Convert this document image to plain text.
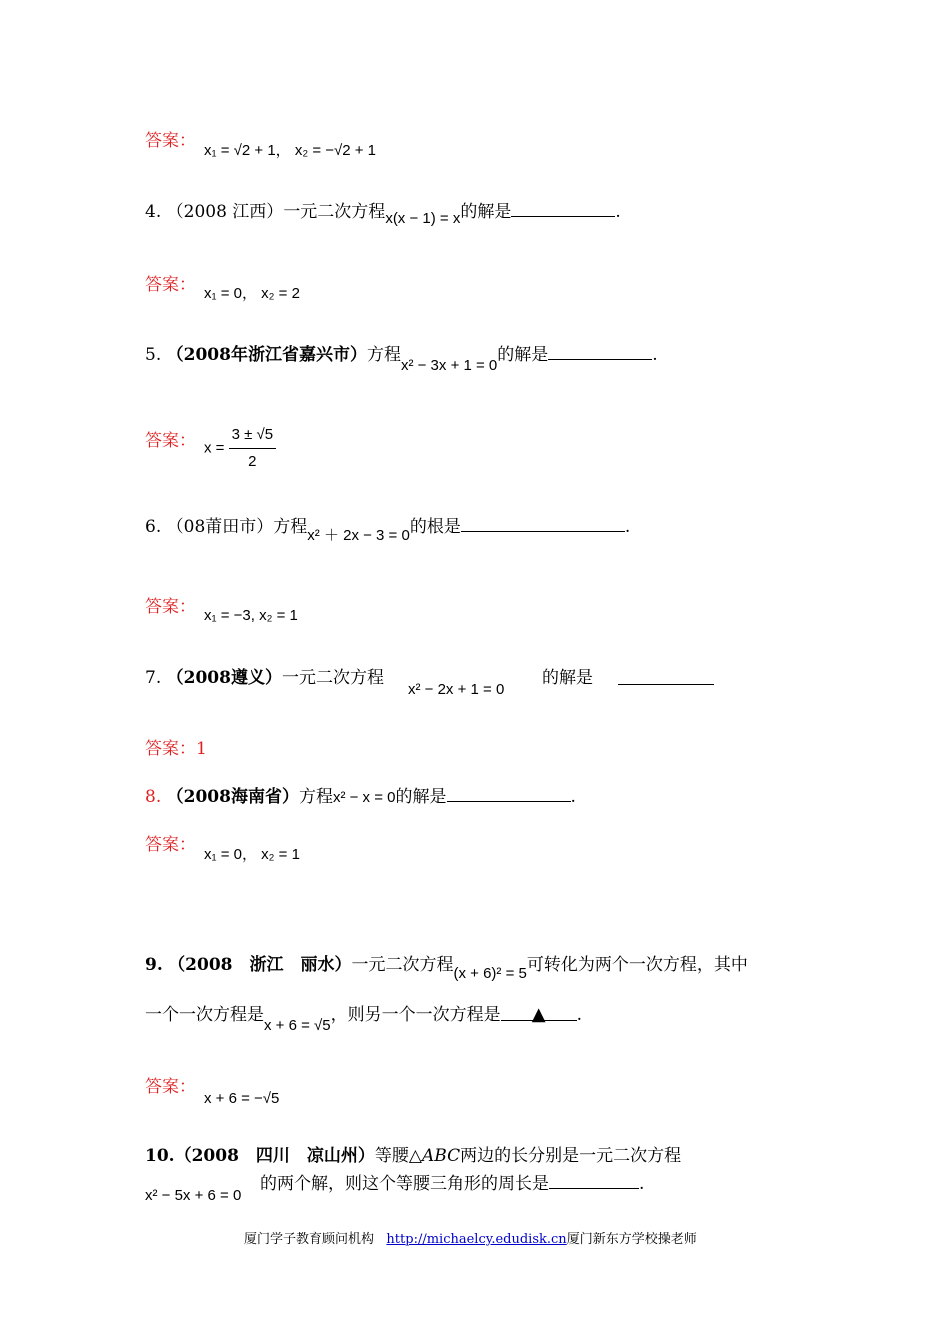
答案： x₁ = √2 + 1， x₂ = −√2 + 1
4. （2008 江西）一元二次方程x(x − 1) = x的解是	.
答案： x₁ = 0， x₂ = 2
5. （2008年浙江省嘉兴市）方程x² − 3x + 1 = 0的解是	.
答案： $x = \frac{3 \pm √5}{2}$
6. （08莆田市）方程x² ＋ 2x − 3 = 0的根是	.
答案： x₁ = −3, x₂ = 1
7. （2008遵义）一元二次方程
x² − 2x + 1 = 0
的解是
答案：1
8. （2008海南省）方程x² − x = 0的解是	.
答案： x₁ = 0， x₂ = 1
9. （2008　浙江　丽水）一元二次方程(x + 6)² = 5可转化为两个一次方程，其中
一个一次方程是x + 6 = √5，则另一个一次方程是 ▲ .
答案：
x + 6 = −√5
10.（2008　四川　凉山州）等腰△ABC两边的长分别是一元二次方程
x² − 5x + 6 = 0
的两个解，则这个等腰三角形的周长是	.
厦门学子教育顾问机构 http://michaelcy.edudisk.cn厦门新东方学校操老师
